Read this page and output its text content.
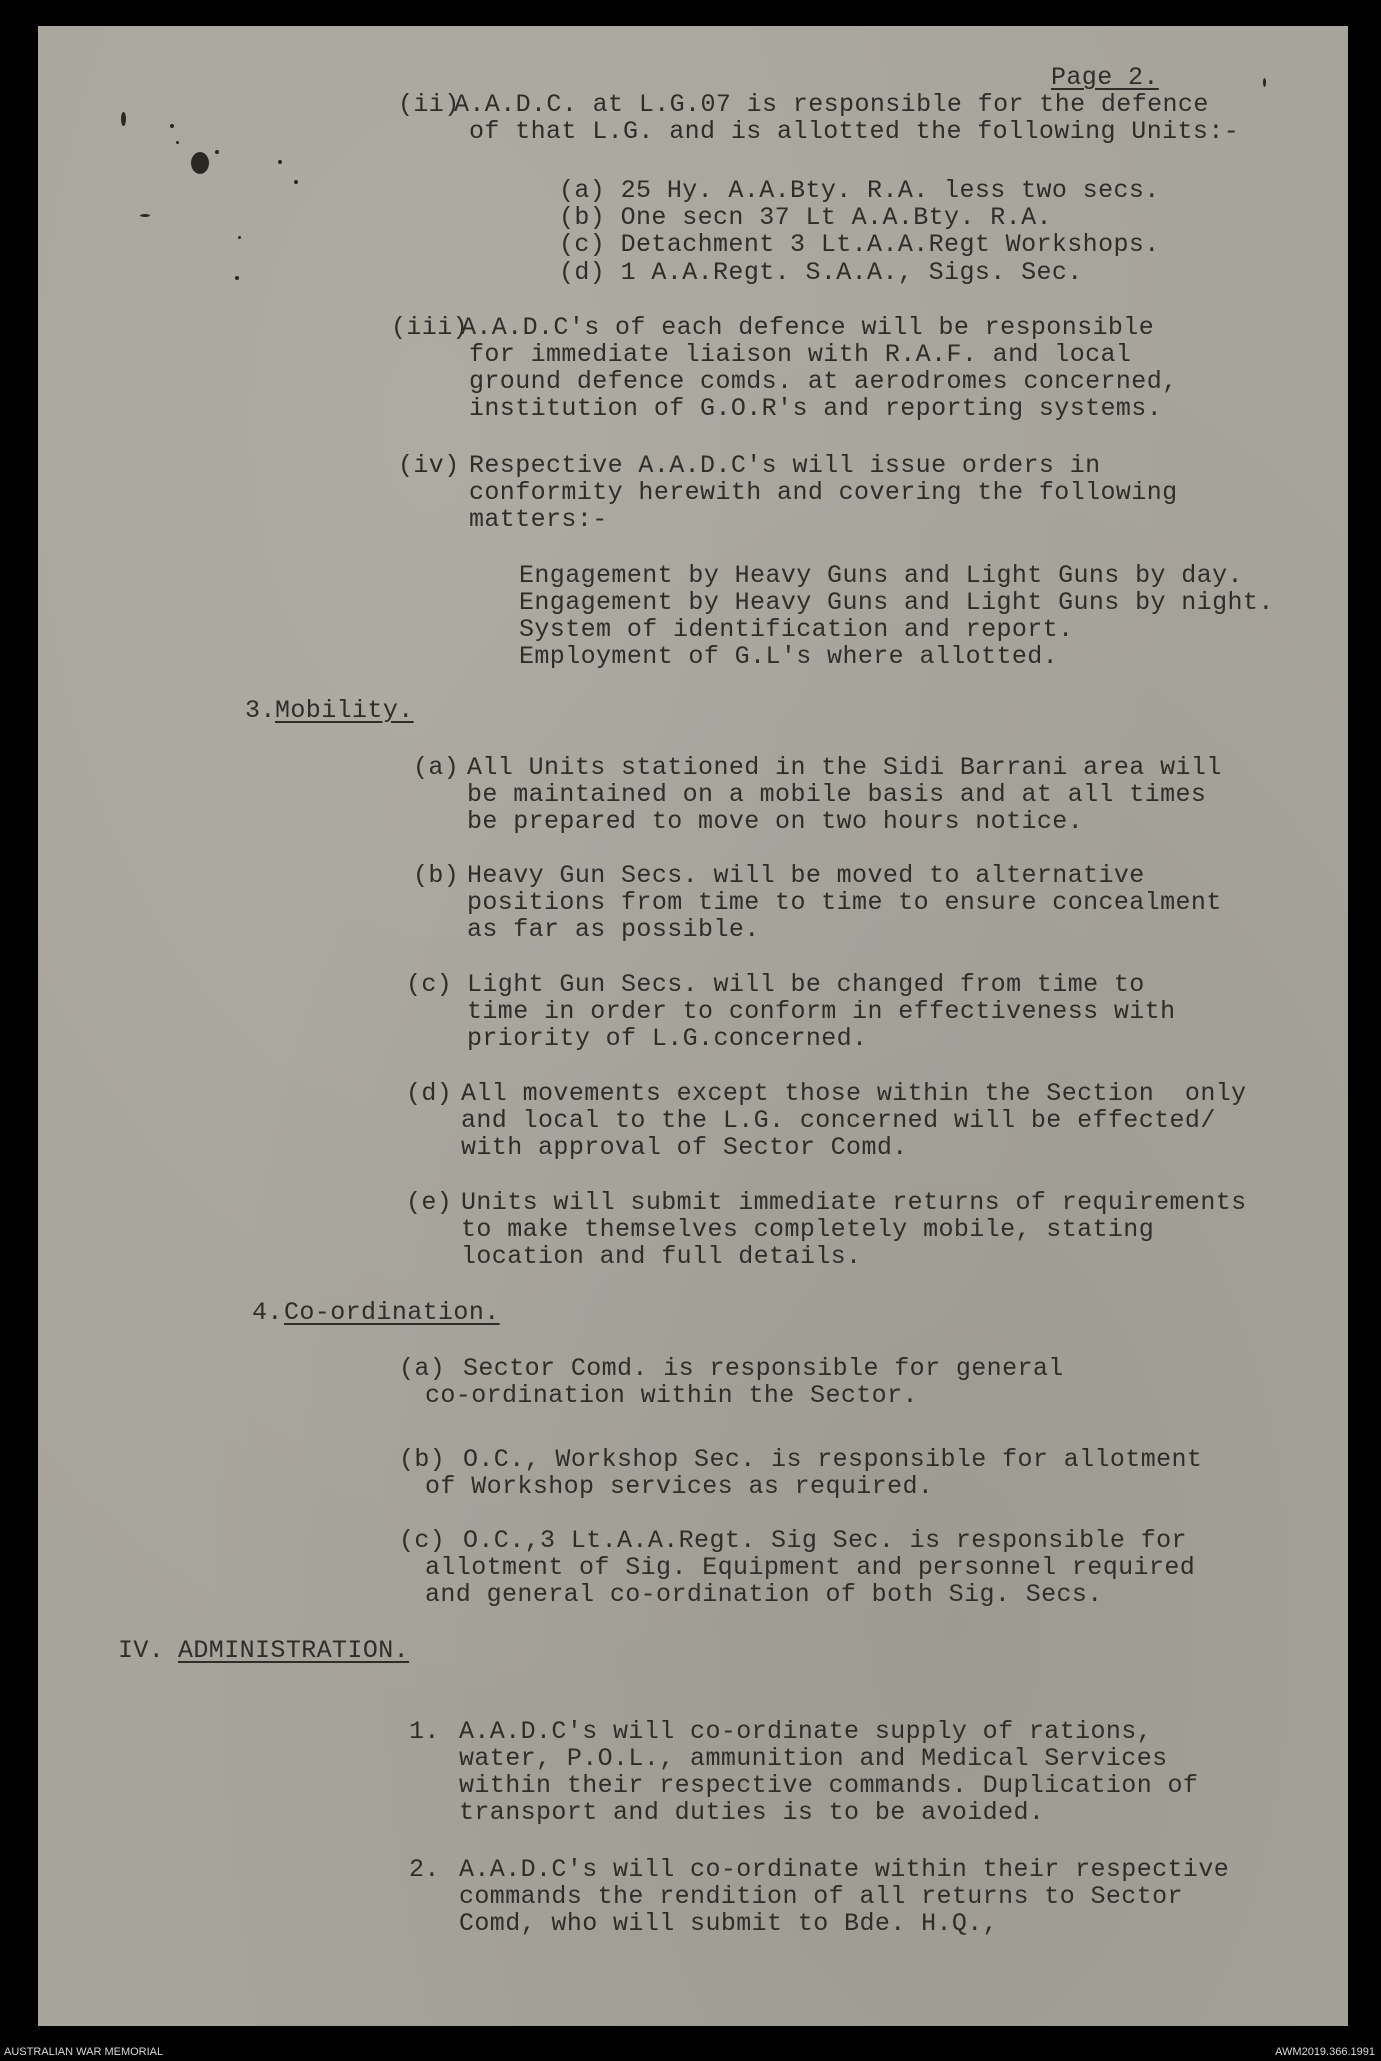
Page 2.
(ii)
A.A.D.C. at L.G.07 is responsible for the defence
of that L.G. and is allotted the following Units:-
(a) 25 Hy. A.A.Bty. R.A. less two secs.
(b) One secn 37 Lt A.A.Bty. R.A.
(c) Detachment 3 Lt.A.A.Regt Workshops.
(d) 1 A.A.Regt. S.A.A., Sigs. Sec.
(iii)
A.A.D.C's of each defence will be responsible
for immediate liaison with R.A.F. and local
ground defence comds. at aerodromes concerned,
institution of G.O.R's and reporting systems.
(iv) Respective A.A.D.C's will issue orders in
conformity herewith and covering the following
matters:-
Engagement by Heavy Guns and Light Guns by day.
Engagement by Heavy Guns and Light Guns by night.
System of identification and report.
Employment of G.L's where allotted.
3. Mobility.
(a) All Units stationed in the Sidi Barrani area will
be maintained on a mobile basis and at all times
be prepared to move on two hours notice.
(b) Heavy Gun Secs. will be moved to alternative
positions from time to time to ensure concealment
as far as possible.
(c) Light Gun Secs. will be changed from time to
time in order to conform in effectiveness with
priority of L.G.concerned.
(d) All movements except those within the Section  only
and local to the L.G. concerned will be effected/
with approval of Sector Comd.
(e) Units will submit immediate returns of requirements
to make themselves completely mobile, stating
location and full details.
4. Co-ordination.
(a) Sector Comd. is responsible for general
co-ordination within the Sector.
(b) O.C., Workshop Sec. is responsible for allotment
of Workshop services as required.
(c) O.C.,3 Lt.A.A.Regt. Sig Sec. is responsible for
allotment of Sig. Equipment and personnel required
and general co-ordination of both Sig. Secs.
IV. ADMINISTRATION.
1. A.A.D.C's will co-ordinate supply of rations,
water, P.O.L., ammunition and Medical Services
within their respective commands. Duplication of
transport and duties is to be avoided.
2. A.A.D.C's will co-ordinate within their respective
commands the rendition of all returns to Sector
Comd, who will submit to Bde. H.Q.,
AUSTRALIAN WAR MEMORIAL	AWM2019.366.1991
